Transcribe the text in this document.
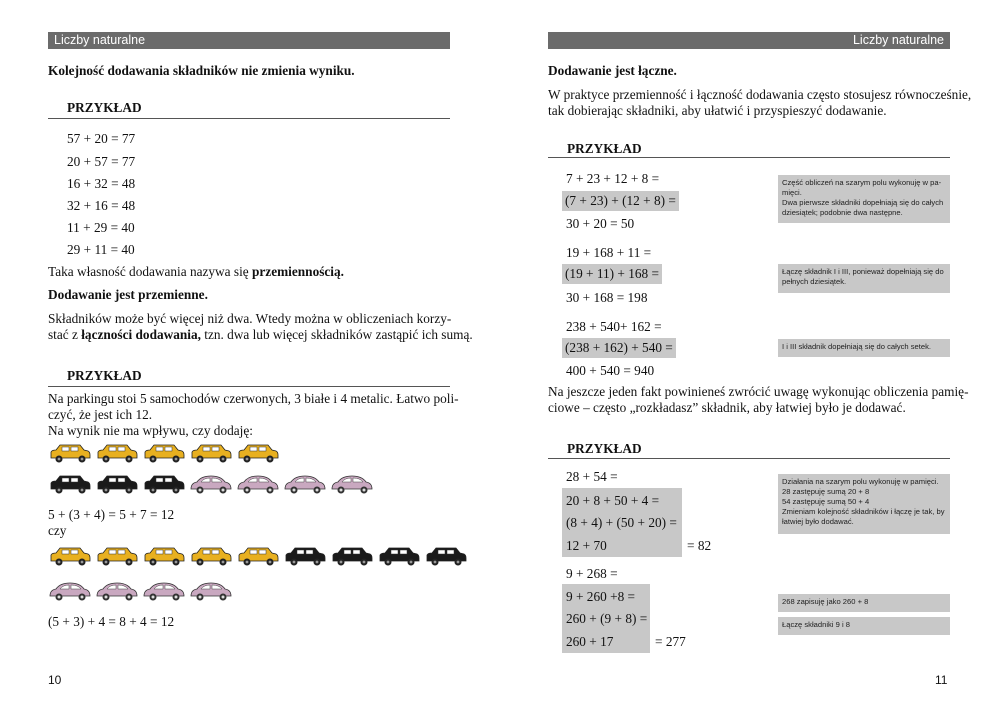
Liczby naturalne
Kolejność dodawania składników nie zmienia wyniku.
PRZYKŁAD
57 + 20 = 77
20 + 57 = 77
16 + 32 = 48
32 + 16 = 48
11 + 29 = 40
29 + 11 = 40
Taka własność dodawania nazywa się przemiennością.
Dodawanie jest przemienne.
Składników może być więcej niż dwa. Wtedy można w obliczeniach korzy-
stać z łączności dodawania, tzn. dwa lub więcej składników zastąpić ich sumą.
PRZYKŁAD
Na parkingu stoi 5 samochodów czerwonych, 3 białe i 4 metalic. Łatwo poli-
czyć, że jest ich 12.
Na wynik nie ma wpływu, czy dodaję:
5 + (3 + 4) = 5 + 7 = 12
czy
(5 + 3) + 4 = 8 + 4 = 12
10
Liczby naturalne
Dodawanie jest łączne.
W praktyce przemienność i łączność dodawania często stosujesz równocześnie,
tak dobierając składniki, aby ułatwić i przyspieszyć dodawanie.
PRZYKŁAD
7 + 23 + 12 + 8 =
(7 + 23) + (12 + 8) =
30 + 20 = 50
19 + 168 + 11 =
(19 + 11) + 168 =
30 + 168 = 198
238 + 540+ 162 =
(238 + 162) + 540 =
400 + 540 = 940
Część obliczeń na szarym polu wykonuję w pa-
mięci.
Dwa pierwsze składniki dopełniają się do całych
dziesiątek; podobnie dwa następne.
Łączę składnik I i III, ponieważ dopełniają się do
pełnych dziesiątek.
I i III składnik dopełniają się do całych setek.
Na jeszcze jeden fakt powinieneś zwrócić uwagę wykonując obliczenia pamię-
ciowe – często „rozkładasz” składnik, aby łatwiej było je dodawać.
PRZYKŁAD
28 + 54 =
20 + 8 + 50 + 4 =
(8 + 4) + (50 + 20) =
12 + 70	= 82
9 + 268 =
9 + 260 +8 =
260 + (9 + 8) =
260 + 17	= 277
Działania na szarym polu wykonuję w pamięci.
28 zastępuję sumą 20 + 8
54 zastępuję sumą 50 + 4
Zmieniam kolejność składników i łączę je tak, by
łatwiej było dodawać.
268 zapisuję jako 260 + 8
Łączę składniki 9 i 8
11
